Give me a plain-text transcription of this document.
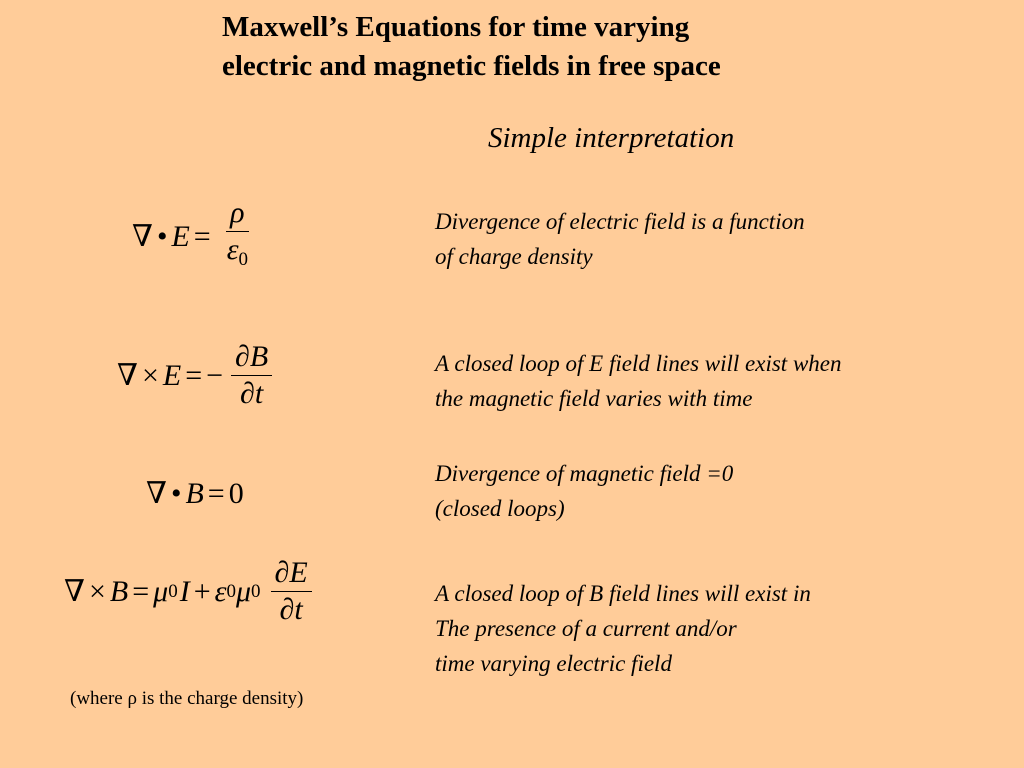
Maxwell’s Equations for time varying
electric and magnetic fields in free space
Simple interpretation
∇ • $E = \frac{\rho}{\varepsilon_0}$
∇ × E = − $\frac{\partial B}{\partial t}$
∇ • B = 0
∇ × B = μ 0 I + ε 0 μ $0 \frac{\partial E}{\partial t}$
Divergence of electric field is a function
of charge density
A closed loop of E field lines will exist when
the magnetic field varies with time
Divergence of magnetic field =0
(closed loops)
A closed loop of B field lines will exist in
The presence of a current and/or
time varying electric field
(where ρ is the charge density)
